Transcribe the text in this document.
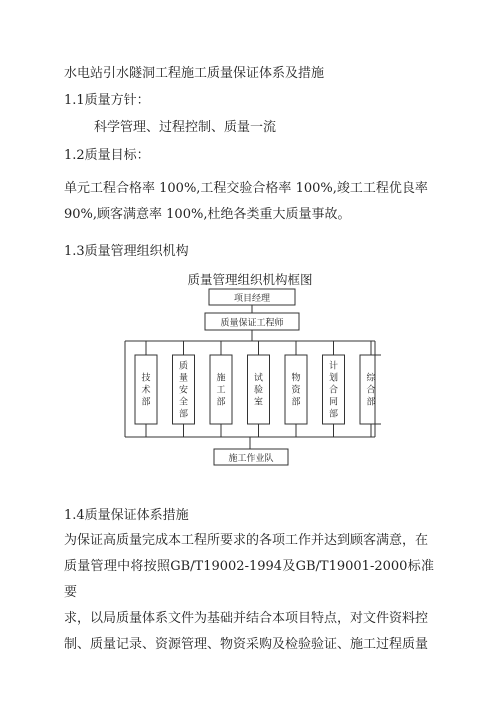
水电站引水隧洞工程施工质量保证体系及措施
1.1质量方针：
科学管理、过程控制、质量一流
1.2质量目标：
单元工程合格率 100%,工程交验合格率 100%,竣工工程优良率
90%,顾客满意率 100%,杜绝各类重大质量事故。
1.3质量管理组织机构
质量管理组织机构框图
项目经理
质量保证工程师
技术部
质量安全部
施工部
试验室
物资部
计划合同部
综合部
施工作业队
1.4质量保证体系措施
为保证高质量完成本工程所要求的各项工作并达到顾客满意，在
质量管理中将按照GB/T19002-1994及GB/T19001-2000标准要
求，以局质量体系文件为基础并结合本项目特点，对文件资料控
制、质量记录、资源管理、物资采购及检验验证、施工过程质量
